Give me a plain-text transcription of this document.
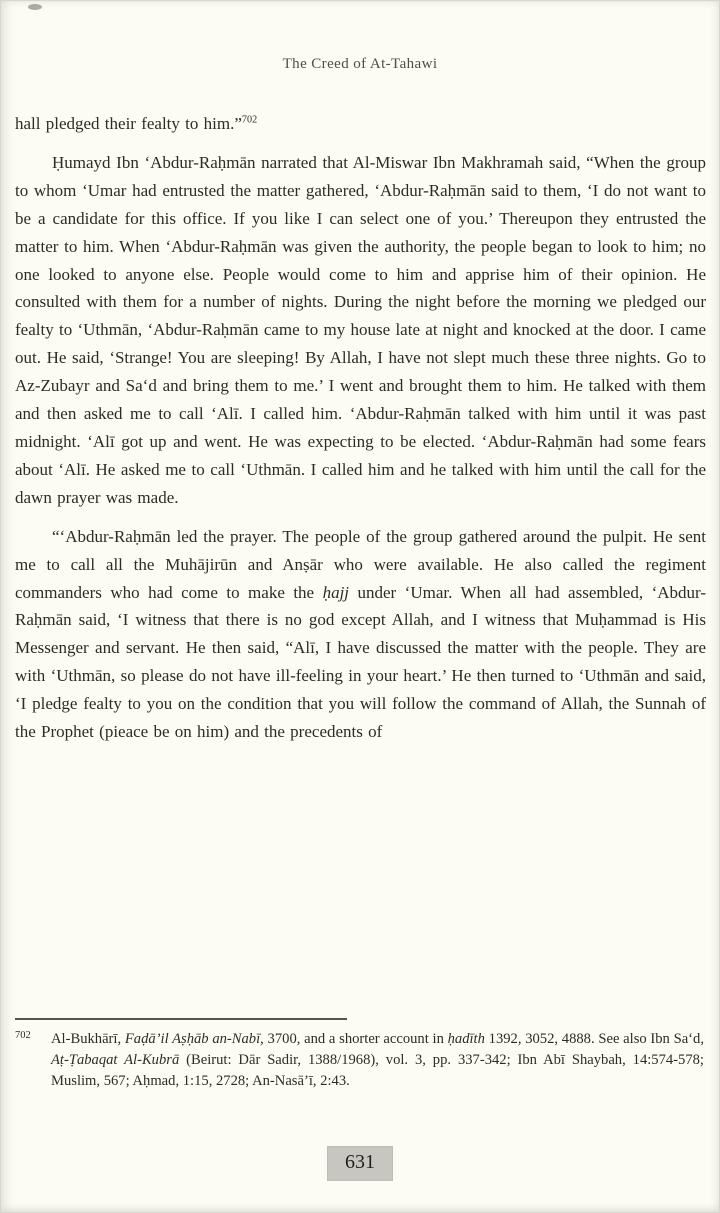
The Creed of At-Tahawi

hall pledged their fealty to him.”$^{702}$

Ḥumayd Ibn ‘Abdur-Raḥmān narrated that Al-Miswar Ibn Makhramah said, “When the group to whom ‘Umar had entrusted the matter gathered, ‘Abdur-Raḥmān said to them, ‘I do not want to be a candidate for this office. If you like I can select one of you.’ Thereupon they entrusted the matter to him. When ‘Abdur-Raḥmān was given the authority, the people began to look to him; no one looked to anyone else. People would come to him and apprise him of their opinion. He consulted with them for a number of nights. During the night before the morning we pledged our fealty to ‘Uthmān, ‘Abdur-Raḥmān came to my house late at night and knocked at the door. I came out. He said, ‘Strange! You are sleeping! By Allah, I have not slept much these three nights. Go to Az-Zubayr and Sa‘d and bring them to me.’ I went and brought them to him. He talked with them and then asked me to call ‘Alī. I called him. ‘Abdur-Raḥmān talked with him until it was past midnight. ‘Alī got up and went. He was expecting to be elected. ‘Abdur-Raḥmān had some fears about ‘Alī. He asked me to call ‘Uthmān. I called him and he talked with him until the call for the dawn prayer was made.

“‘Abdur-Raḥmān led the prayer. The people of the group gathered around the pulpit. He sent me to call all the Muhājirūn and Anṣār who were available. He also called the regiment commanders who had come to make the ḥajj under ‘Umar. When all had assembled, ‘Abdur-Raḥmān said, ‘I witness that there is no god except Allah, and I witness that Muḥammad is His Messenger and servant. He then said, “Alī, I have discussed the matter with the people. They are with ‘Uthmān, so please do not have ill-feeling in your heart.’ He then turned to ‘Uthmān and said, ‘I pledge fealty to you on the condition that you will follow the command of Allah, the Sunnah of the Prophet (pieace be on him) and the precedents of

702	Al-Bukhārī, Faḍā’il Aṣḥāb an-Nabī, 3700, and a shorter account in ḥadīth 1392, 3052, 4888. See also Ibn Sa‘d, Aṭ-Ṭabaqat Al-Kubrā (Beirut: Dār Sadir, 1388/1968), vol. 3, pp. 337-342; Ibn Abī Shaybah, 14:574-578; Muslim, 567; Aḥmad, 1:15, 2728; An-Nasā’ī, 2:43.
631
